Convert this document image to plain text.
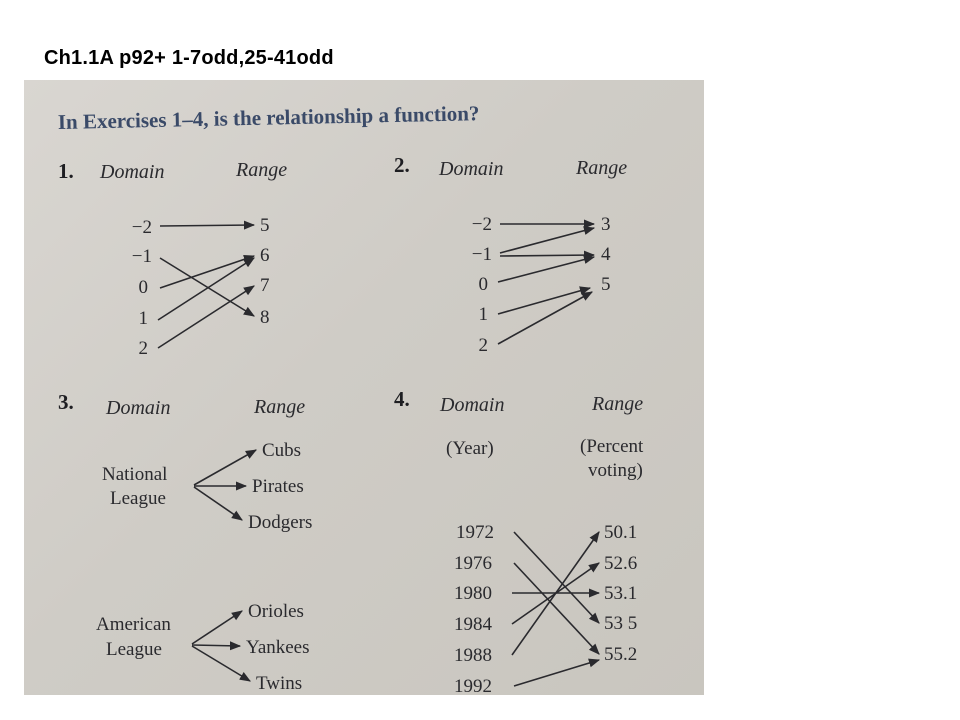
Ch1.1A p92+ 1-7odd,25-41odd
In Exercises 1–4, is the relationship a function?
1. Domain	Range
−2
−1
0
1
2
5
6
7
8
2. Domain	Range
−2
−1
0
1
2
3
4
5
3. Domain	Range
National
League
American
League
Cubs
Pirates
Dodgers
Orioles
Yankees
Twins
4. Domain	Range
(Year)	(Percent
voting)
1972
1976
1980
1984
1988
1992
50.1
52.6
53.1
53 5
55.2
